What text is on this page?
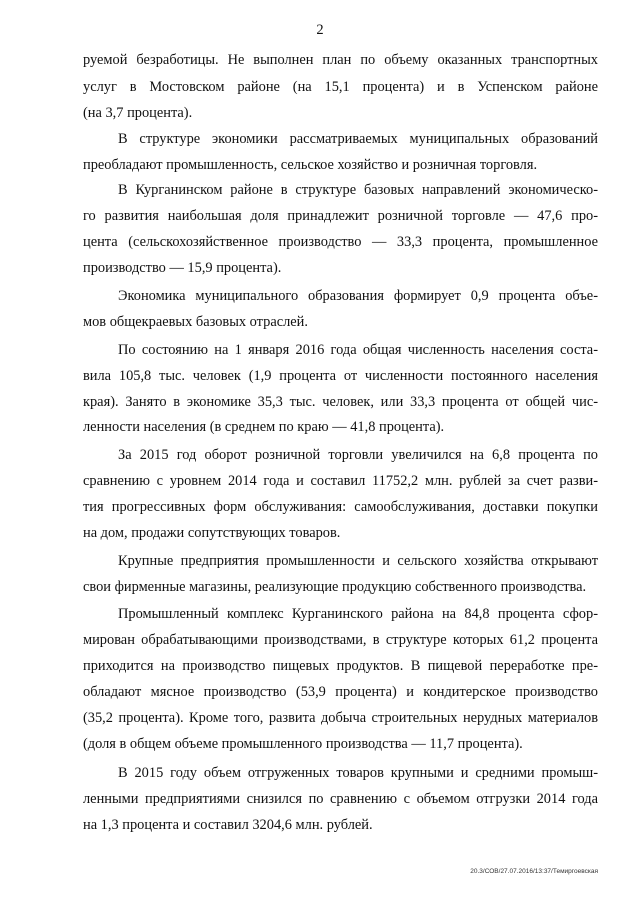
2
руемой безработицы. Не выполнен план по объему оказанных транспортных
услуг в Мостовском районе (на 15,1 процента) и в Успенском районе
(на 3,7 процента).
В структуре экономики рассматриваемых муниципальных образований
преобладают промышленность, сельское хозяйство и розничная торговля.
В Курганинском районе в структуре базовых направлений экономическо-
го развития наибольшая доля принадлежит розничной торговле — 47,6 про-
цента (сельскохозяйственное производство — 33,3 процента, промышленное
производство — 15,9 процента).
Экономика муниципального образования формирует 0,9 процента объе-
мов общекраевых базовых отраслей.
По состоянию на 1 января 2016 года общая численность населения соста-
вила 105,8 тыс. человек (1,9 процента от численности постоянного населения
края). Занято в экономике 35,3 тыс. человек, или 33,3 процента от общей чис-
ленности населения (в среднем по краю — 41,8 процента).
За 2015 год оборот розничной торговли увеличился на 6,8 процента по
сравнению с уровнем 2014 года и составил 11752,2 млн. рублей за счет разви-
тия прогрессивных форм обслуживания: самообслуживания, доставки покупки
на дом, продажи сопутствующих товаров.
Крупные предприятия промышленности и сельского хозяйства открывают
свои фирменные магазины, реализующие продукцию собственного производства.
Промышленный комплекс Курганинского района на 84,8 процента сфор-
мирован обрабатывающими производствами, в структуре которых 61,2 процента
приходится на производство пищевых продуктов. В пищевой переработке пре-
обладают мясное производство (53,9 процента) и кондитерское производство
(35,2 процента). Кроме того, развита добыча строительных нерудных материалов
(доля в общем объеме промышленного производства — 11,7 процента).
В 2015 году объем отгруженных товаров крупными и средними промыш-
ленными предприятиями снизился по сравнению с объемом отгрузки 2014 года
на 1,3 процента и составил 3204,6 млн. рублей.
20.3/СОВ/27.07.2016/13:37/Темиргоевская
